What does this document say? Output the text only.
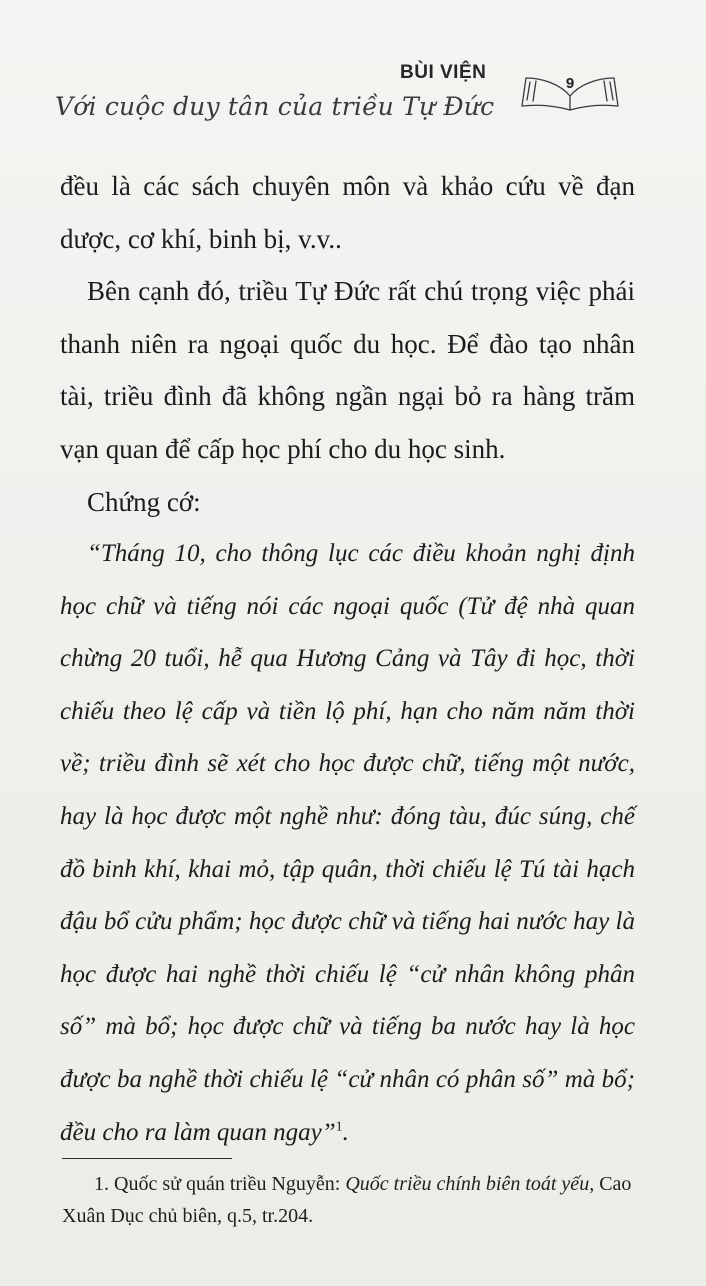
BÙI VIỆN
Với cuộc duy tân của triều Tự Đức
9

đều là các sách chuyên môn và khảo cứu về đạn dược, cơ khí, binh bị, v.v..

Bên cạnh đó, triều Tự Đức rất chú trọng việc phái thanh niên ra ngoại quốc du học. Để đào tạo nhân tài, triều đình đã không ngần ngại bỏ ra hàng trăm vạn quan để cấp học phí cho du học sinh.

Chứng cớ:

“Tháng 10, cho thông lục các điều khoản nghị định học chữ và tiếng nói các ngoại quốc (Tử đệ nhà quan chừng 20 tuổi, hễ qua Hương Cảng và Tây đi học, thời chiếu theo lệ cấp và tiền lộ phí, hạn cho năm năm thời về; triều đình sẽ xét cho học được chữ, tiếng một nước, hay là học được một nghề như: đóng tàu, đúc súng, chế đồ binh khí, khai mỏ, tập quân, thời chiếu lệ Tú tài hạch đậu bổ cửu phẩm; học được chữ và tiếng hai nước hay là học được hai nghề thời chiếu lệ “cử nhân không phân số” mà bổ; học được chữ và tiếng ba nước hay là học được ba nghề thời chiếu lệ “cử nhân có phân số” mà bổ; đều cho ra làm quan ngay”$^1$.
1. Quốc sử quán triều Nguyễn: Quốc triều chính biên toát yếu, Cao Xuân Dục chủ biên, q.5, tr.204.
